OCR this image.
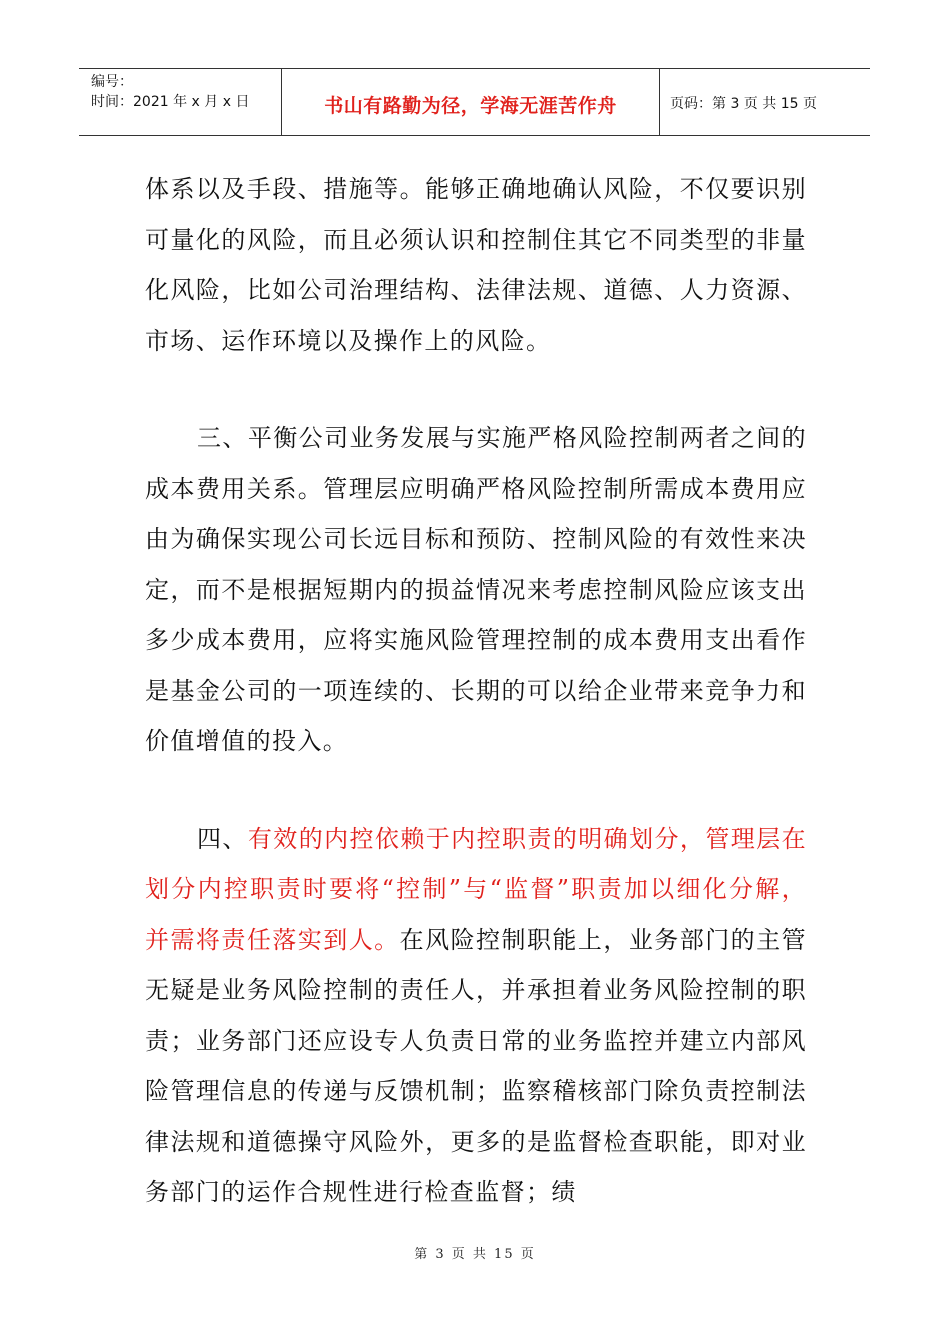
编号：
时间：2021 年 x 月 x 日	书山有路勤为径，学海无涯苦作舟	页码：第 3 页 共 15 页

体系以及手段、措施等。能够正确地确认风险，不仅要识别可量化的风险，而且必须认识和控制住其它不同类型的非量化风险，比如公司治理结构、法律法规、道德、人力资源、市场、运作环境以及操作上的风险。

三、平衡公司业务发展与实施严格风险控制两者之间的成本费用关系。管理层应明确严格风险控制所需成本费用应由为确保实现公司长远目标和预防、控制风险的有效性来决定，而不是根据短期内的损益情况来考虑控制风险应该支出多少成本费用，应将实施风险管理控制的成本费用支出看作是基金公司的一项连续的、长期的可以给企业带来竞争力和价值增值的投入。

四、有效的内控依赖于内控职责的明确划分，管理层在划分内控职责时要将“控制”与“监督”职责加以细化分解，并需将责任落实到人。在风险控制职能上，业务部门的主管无疑是业务风险控制的责任人，并承担着业务风险控制的职责；业务部门还应设专人负责日常的业务监控并建立内部风险管理信息的传递与反馈机制；监察稽核部门除负责控制法律法规和道德操守风险外，更多的是监督检查职能，即对业务部门的运作合规性进行检查监督；绩

第 3 页 共 15 页
